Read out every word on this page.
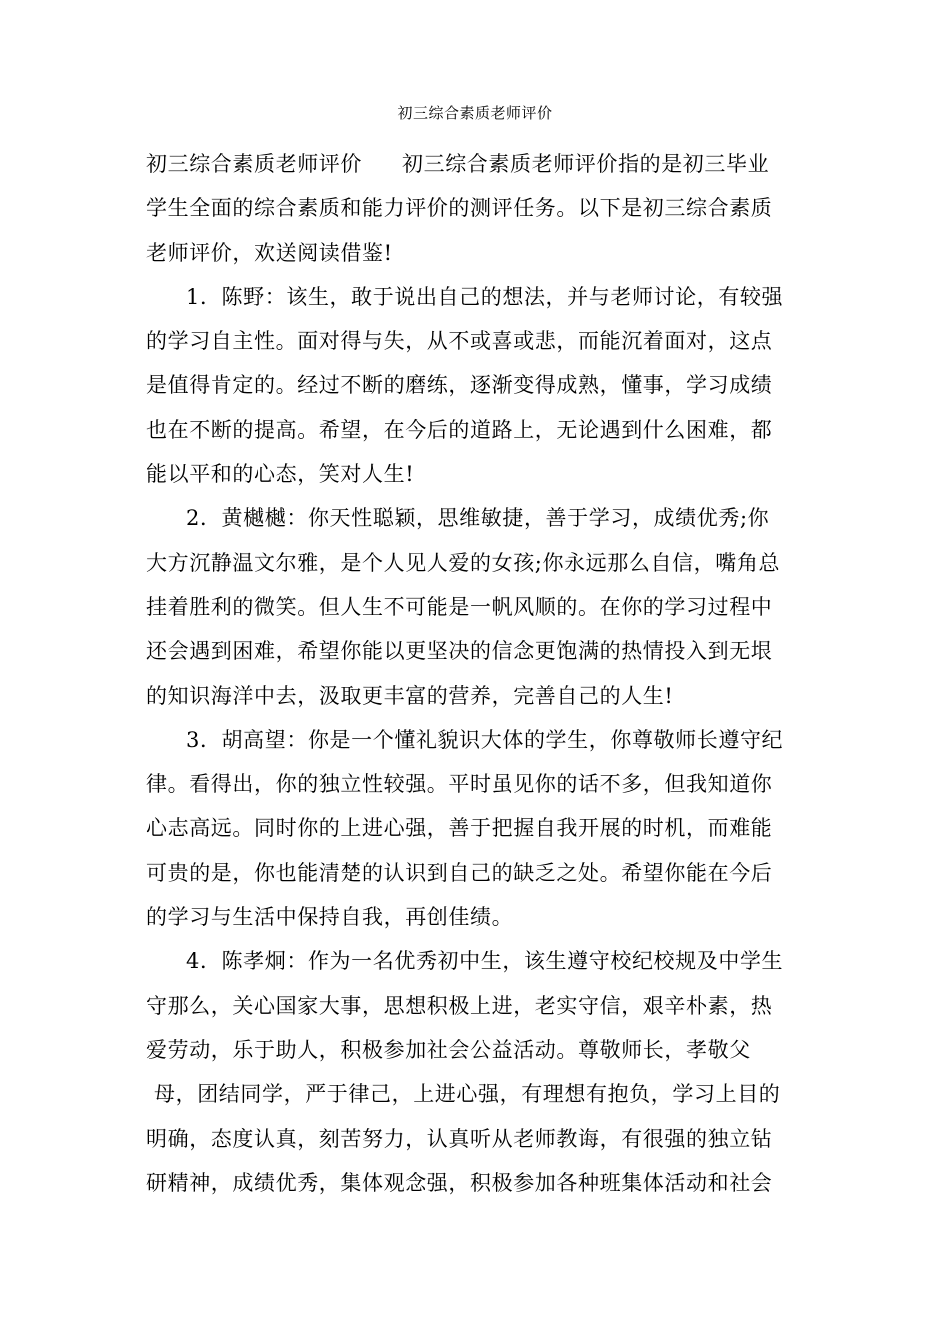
初三综合素质老师评价
初三综合素质老师评价 初三综合素质老师评价指的是初三毕业
学生全面的综合素质和能力评价的测评任务。以下是初三综合素质
老师评价，欢送阅读借鉴!
1．陈野：该生，敢于说出自己的想法，并与老师讨论，有较强
的学习自主性。面对得与失，从不或喜或悲，而能沉着面对，这点
是值得肯定的。经过不断的磨练，逐渐变得成熟，懂事，学习成绩
也在不断的提高。希望，在今后的道路上，无论遇到什么困难，都
能以平和的心态，笑对人生!
2．黄樾樾：你天性聪颖，思维敏捷，善于学习，成绩优秀;你
大方沉静温文尔雅，是个人见人爱的女孩;你永远那么自信，嘴角总
挂着胜利的微笑。但人生不可能是一帆风顺的。在你的学习过程中
还会遇到困难，希望你能以更坚决的信念更饱满的热情投入到无垠
的知识海洋中去，汲取更丰富的营养，完善自己的人生!
3．胡高望：你是一个懂礼貌识大体的学生，你尊敬师长遵守纪
律。看得出，你的独立性较强。平时虽见你的话不多，但我知道你
心志高远。同时你的上进心强，善于把握自我开展的时机，而难能
可贵的是，你也能清楚的认识到自己的缺乏之处。希望你能在今后
的学习与生活中保持自我，再创佳绩。
4．陈孝炯：作为一名优秀初中生，该生遵守校纪校规及中学生
守那么，关心国家大事，思想积极上进，老实守信，艰辛朴素，热
爱劳动，乐于助人，积极参加社会公益活动。尊敬师长，孝敬父
母，团结同学，严于律己，上进心强，有理想有抱负，学习上目的
明确，态度认真，刻苦努力，认真听从老师教诲，有很强的独立钻
研精神，成绩优秀，集体观念强，积极参加各种班集体活动和社会
